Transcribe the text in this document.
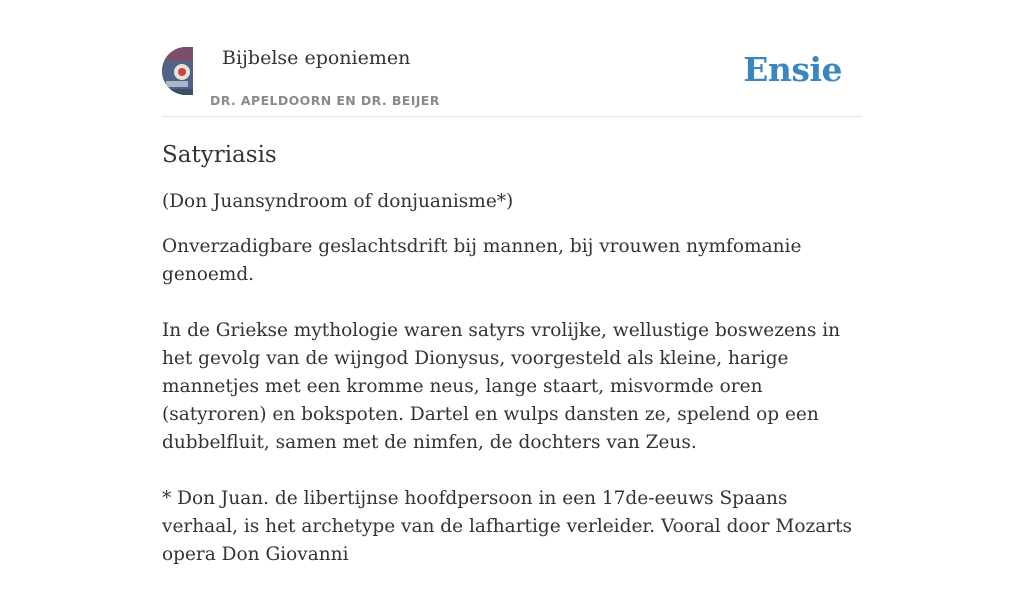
Bijbelse eponiemen
DR. APELDOORN EN DR. BEIJER
Ensie
Satyriasis

(Don Juansyndroom of donjuanisme*)

Onverzadigbare geslachtsdrift bij mannen, bij vrouwen nymfomanie genoemd.

In de Griekse mythologie waren satyrs vrolijke, wellustige boswezens in het gevolg van de wijngod Dionysus, voorgesteld als kleine, harige mannetjes met een kromme neus, lange staart, misvormde oren (satyroren) en bokspoten. Dartel en wulps dansten ze, spelend op een dubbelfluit, samen met de nimfen, de dochters van Zeus.

* Don Juan. de libertijnse hoofdpersoon in een 17de-eeuws Spaans verhaal, is het archetype van de lafhartige verleider. Vooral door Mozarts opera Don Giovanni
